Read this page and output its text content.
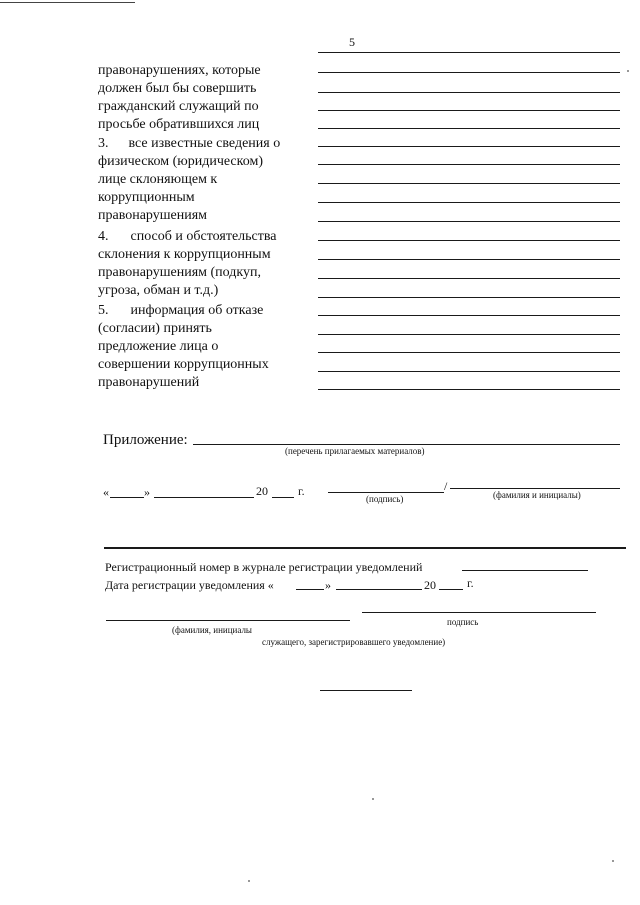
5
правонарушениях, которые
должен был бы совершить
гражданский служащий по
просьбе обратившихся лиц
3. все известные сведения о
физическом (юридическом)
лице склоняющем к
коррупционным
правонарушениям
4. способ и обстоятельства
склонения к коррупционным
правонарушениям (подкуп,
угроза, обман и т.д.)
5. информация об отказе
(согласии) принять
предложение лица о
совершении коррупционных
правонарушений
Приложение:
(перечень прилагаемых материалов)
«	»	20	г.	/
(подпись)	(фамилия и инициалы)
Регистрационный номер в журнале регистрации уведомлений
Дата регистрации уведомления «	»	20	г.
(фамилия, инициалы
подпись
служащего, зарегистрировавшего уведомление)
